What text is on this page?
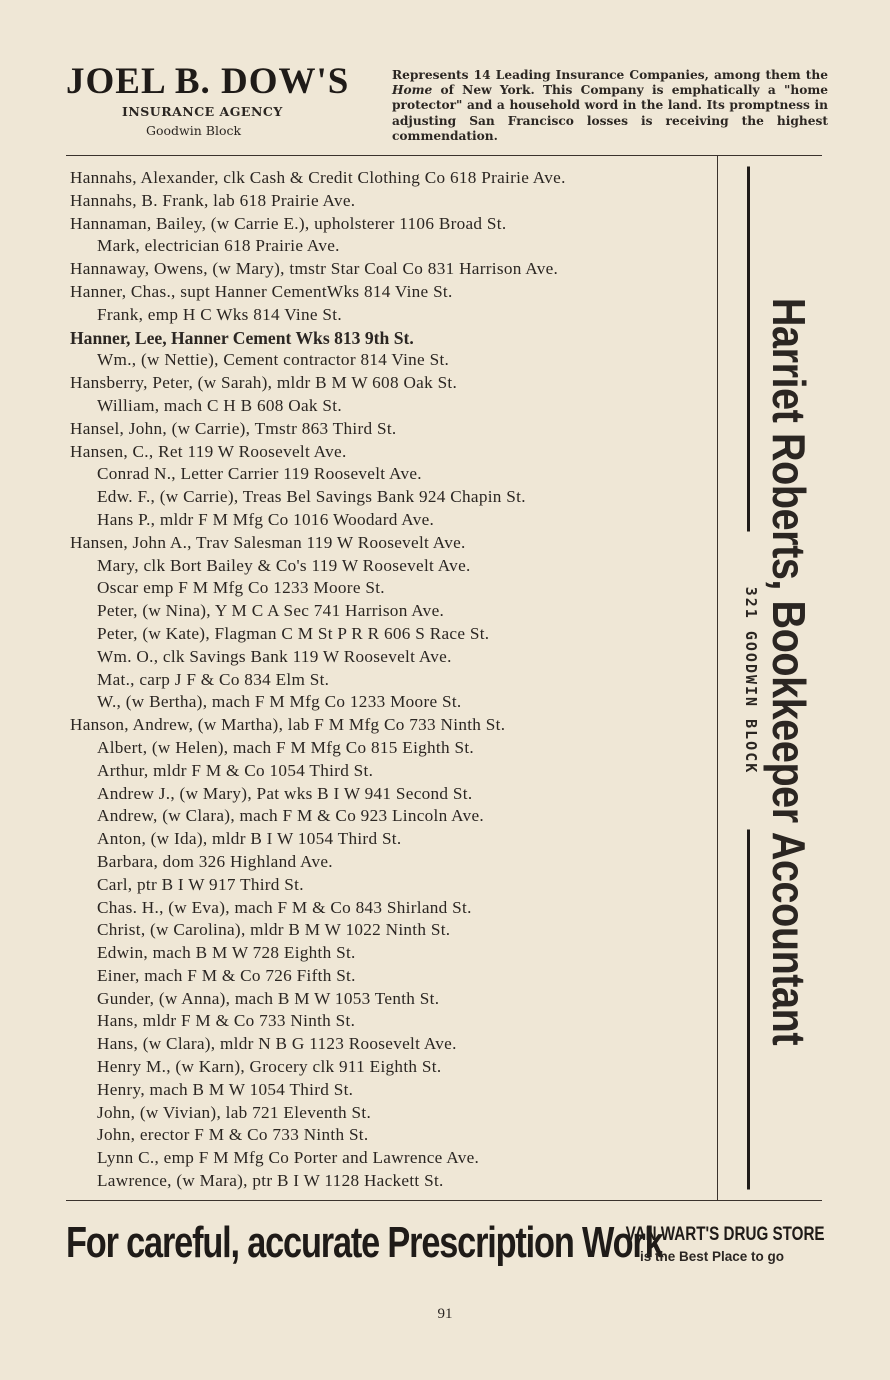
JOEL B. DOW'S
INSURANCE AGENCY
Goodwin Block
Represents 14 Leading Insurance Companies, among them the Home of New York. This Company is emphatically a "home protector" and a household word in the land. Its promptness in adjusting San Francisco losses is receiving the highest commendation.
Hannahs, Alexander, clk Cash & Credit Clothing Co 618 Prairie Ave.
Hannahs, B. Frank, lab 618 Prairie Ave.
Hannaman, Bailey, (w Carrie E.), upholsterer 1106 Broad St.
Mark, electrician 618 Prairie Ave.
Hannaway, Owens, (w Mary), tmstr Star Coal Co 831 Harrison Ave.
Hanner, Chas., supt Hanner CementWks 814 Vine St.
Frank, emp H C Wks 814 Vine St.
Hanner, Lee, Hanner Cement Wks 813 9th St.
Wm., (w Nettie), Cement contractor 814 Vine St.
Hansberry, Peter, (w Sarah), mldr B M W 608 Oak St.
William, mach C H B 608 Oak St.
Hansel, John, (w Carrie), Tmstr 863 Third St.
Hansen, C., Ret 119 W Roosevelt Ave.
Conrad N., Letter Carrier 119 Roosevelt Ave.
Edw. F., (w Carrie), Treas Bel Savings Bank 924 Chapin St.
Hans P., mldr F M Mfg Co 1016 Woodard Ave.
Hansen, John A., Trav Salesman 119 W Roosevelt Ave.
Mary, clk Bort Bailey & Co's 119 W Roosevelt Ave.
Oscar emp F M Mfg Co 1233 Moore St.
Peter, (w Nina), Y M C A Sec 741 Harrison Ave.
Peter, (w Kate), Flagman C M St P R R 606 S Race St.
Wm. O., clk Savings Bank 119 W Roosevelt Ave.
Mat., carp J F & Co 834 Elm St.
W., (w Bertha), mach F M Mfg Co 1233 Moore St.
Hanson, Andrew, (w Martha), lab F M Mfg Co 733 Ninth St.
Albert, (w Helen), mach F M Mfg Co 815 Eighth St.
Arthur, mldr F M & Co 1054 Third St.
Andrew J., (w Mary), Pat wks B I W 941 Second St.
Andrew, (w Clara), mach F M & Co 923 Lincoln Ave.
Anton, (w Ida), mldr B I W 1054 Third St.
Barbara, dom 326 Highland Ave.
Carl, ptr B I W 917 Third St.
Chas. H., (w Eva), mach F M & Co 843 Shirland St.
Christ, (w Carolina), mldr B M W 1022 Ninth St.
Edwin, mach B M W 728 Eighth St.
Einer, mach F M & Co 726 Fifth St.
Gunder, (w Anna), mach B M W 1053 Tenth St.
Hans, mldr F M & Co 733 Ninth St.
Hans, (w Clara), mldr N B G 1123 Roosevelt Ave.
Henry M., (w Karn), Grocery clk 911 Eighth St.
Henry, mach B M W 1054 Third St.
John, (w Vivian), lab 721 Eleventh St.
John, erector F M & Co 733 Ninth St.
Lynn C., emp F M Mfg Co Porter and Lawrence Ave.
Lawrence, (w Mara), ptr B I W 1128 Hackett St.
Harriet Roberts, Bookkeeper Accountant
321 GOODWIN BLOCK
For careful, accurate Prescription Work
VAN WART'S DRUG STORE
is the Best Place to go
91
